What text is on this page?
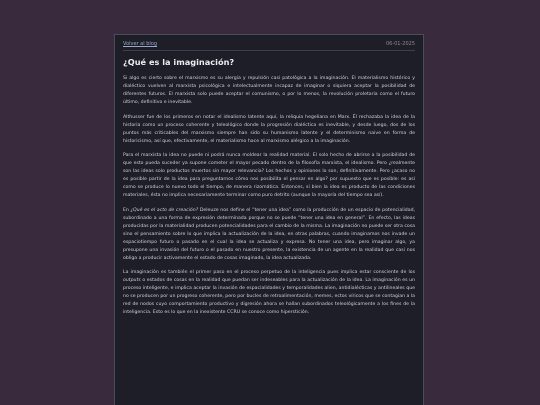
Volver al blog	06-01-2025
¿Qué es la imaginación?

Si algo es cierto sobre el marxismo es su alergia y repulsión casi patológica a la imaginación. El materialismo histórico y dialéctico vuelven al marxista psicológica e intelectualmente incapaz de imaginar o siquiera aceptar la posibilidad de diferentes futuros. El marxista solo puede aceptar el comunismo, o por lo menos, la revolución proletaria como el futuro último, definitivo e inevitable.

Althusser fue de los primeros en notar el idealismo latente aquí, la reliquia hegeliana en Marx. Él rechazaba la idea de la historia como un proceso coherente y teleológico donde la progresión dialéctica es inevitable, y desde luego, dos de los puntos más criticables del marxismo siempre han sido su humanismo latente y el determinismo naive en forma de historicismo, así que, efectivamente, el materialismo hace al marxismo alérgico a la imaginación.

Para el marxista la idea no puede ni podrá nunca moldear la realidad material. El solo hecho de abrirse a la posibilidad de que esto pueda suceder ya supone cometer el mayor pecado dentro de la filosofía marxista, el idealismo. Pero ¿realmente son las ideas solo productos muertos sin mayor relevancia? Los hechos y opiniones lo son, definitivamente. Pero ¿acaso no es posible partir de la idea para preguntarnos cómo nos posibilita el pensar en algo? por supuesto que es posible: es así como se produce lo nuevo todo el tiempo, de manera rizomática. Entonces, si bien la idea es producto de las condiciones materiales, ésta no implica necesariamente terminar como puro detrito (aunque la mayoría del tiempo sea así).

En ¿Qué es el acto de creación? Deleuze nos define el “tener una idea” como la producción de un espacio de potencialidad, subordinado a una forma de expresión determinada porque no se puede “tener una idea en general”. En efecto, las ideas producidas por la materialidad producen potencialidades para el cambio de la misma. La imaginación no puede ser otra cosa sino el pensamiento sobre lo que implica la actualización de la idea, en otras palabras, cuando imaginamos nos invade un espaciotiempo futuro o pasado en el cual la idea se actualiza y expresa. No tener una idea, pero imaginar algo, ya presupone una invasión del futuro o el pasado en nuestro presente, la existencia de un agente en la realidad que casi nos obliga a producir activamente el estado de cosas imaginado, la idea actualizada.

La imaginación es también el primer paso en el proceso perpetuo de la inteligencia pues implica estar consciente de los outputs o estados de cosas en la realidad que puedan ser indeseables para la actualización de la idea. La imaginación es un proceso inteligente, e implica aceptar la invasión de espacialidades y temporalidades alien, antidialécticas y antilineales que no se producen por un progreso coherente, pero por bucles de retroalimentación, memes, ectos víricos que se contagian a la red de nodos cuyo comportamiento productivo y digresión ahora se hallan subordinados teleológicamente a los fines de la inteligencia. Esto es lo que en la inexistente CCRU se conoce como hiperstición.
